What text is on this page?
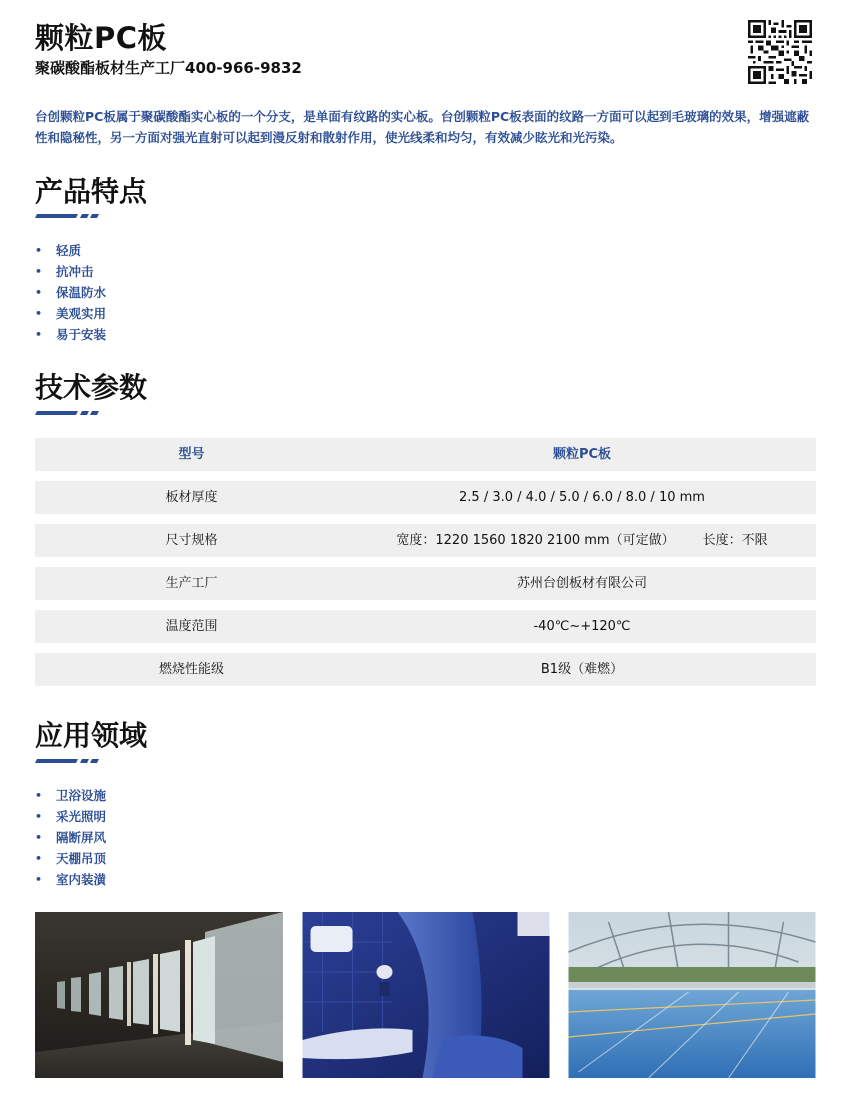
颗粒PC板
聚碳酸酯板材生产工厂400-966-9832
台创颗粒PC板属于聚碳酸酯实心板的一个分支，是单面有纹路的实心板。台创颗粒PC板表面的纹路一方面可以起到毛玻璃的效果，增强遮蔽性和隐秘性，另一方面对强光直射可以起到漫反射和散射作用，使光线柔和均匀，有效减少眩光和光污染。
产品特点
• 轻质
• 抗冲击
• 保温防水
• 美观实用
• 易于安装
技术参数
型号	颗粒PC板
板材厚度	2.5 / 3.0 / 4.0 / 5.0 / 6.0 / 8.0 / 10 mm
尺寸规格	宽度：1220 1560 1820 2100 mm（可定做） 长度：不限
生产工厂	苏州台创板材有限公司
温度范围	-40℃~+120℃
燃烧性能级	B1级（难燃）
应用领域
• 卫浴设施
• 采光照明
• 隔断屏风
• 天棚吊顶
• 室内装潢
